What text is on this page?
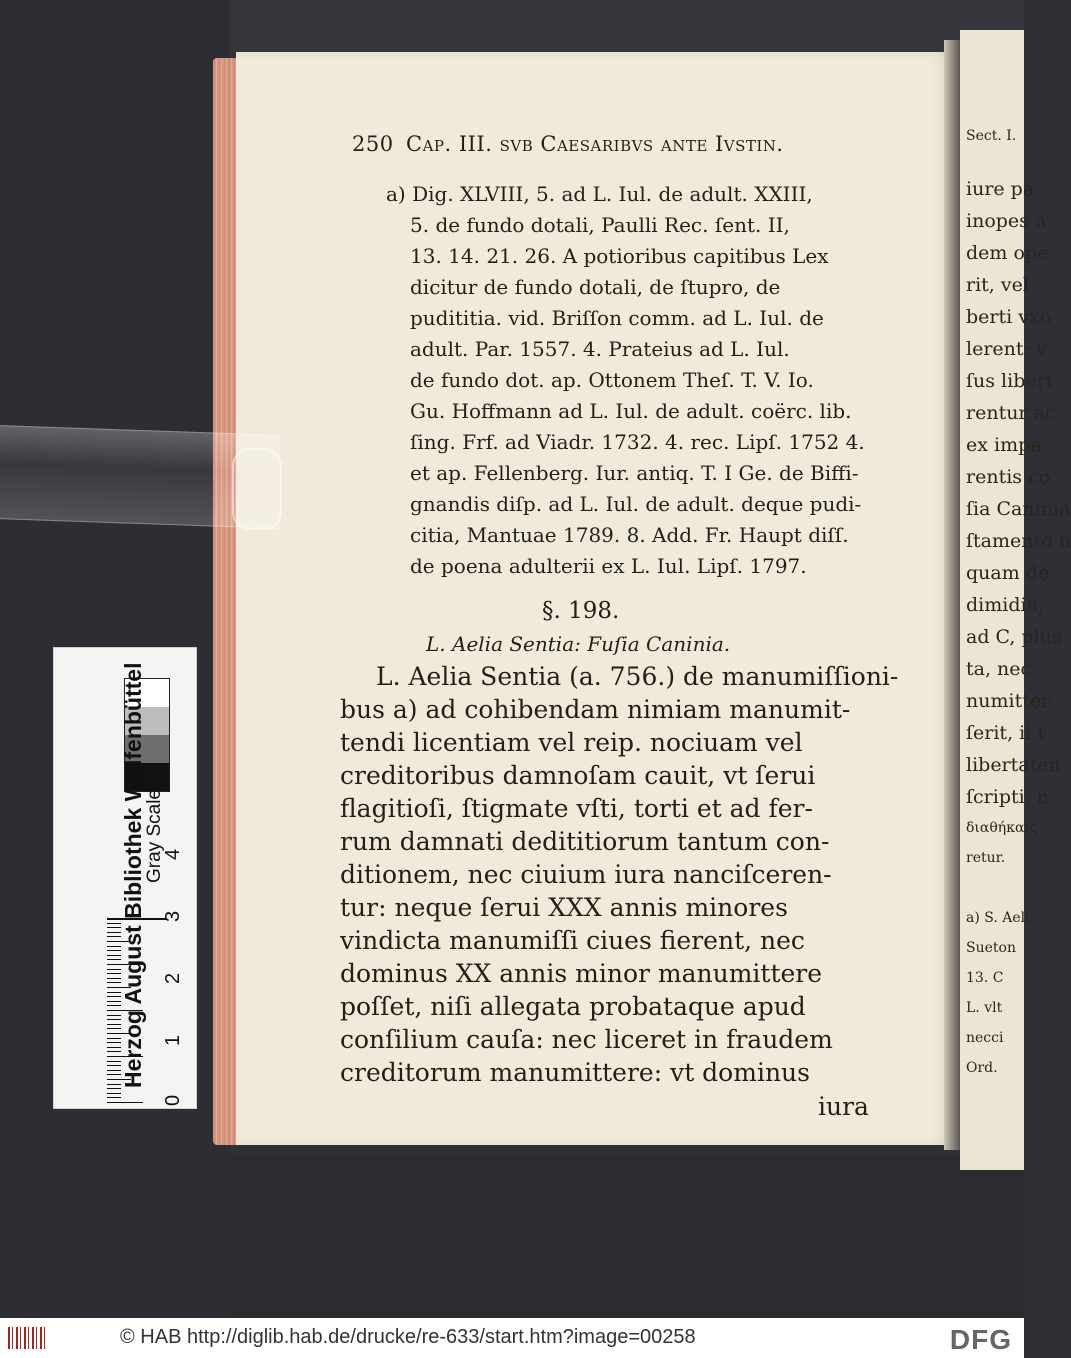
250 Cap. III. svb Caesaribvs ante Ivstin.
a) Dig. XLVIII, 5. ad L. Iul. de adult. XXIII,
5. de fundo dotali, Paulli Rec. ſent. II,
13. 14. 21. 26. A potioribus capitibus Lex
dicitur de fundo dotali, de ſtupro, de
pudititia. vid. Briſſon comm. ad L. Iul. de
adult. Par. 1557. 4. Prateius ad L. Iul.
de fundo dot. ap. Ottonem Theſ. T. V. Io.
Gu. Hoffmann ad L. Iul. de adult. coërc. lib.
ſing. Frf. ad Viadr. 1732. 4. rec. Lipſ. 1752 4.
et ap. Fellenberg. Iur. antiq. T. I Ge. de Biffi-
gnandis diſp. ad L. Iul. de adult. deque pudi-
citia, Mantuae 1789. 8. Add. Fr. Haupt diſſ.
de poena adulterii ex L. Iul. Lipſ. 1797.
§. 198.
L. Aelia Sentia: Fuſia Caninia.
L. Aelia Sentia (a. 756.) de manumiſſioni-
bus a) ad cohibendam nimiam manumit-
tendi licentiam vel reip. nociuam vel
creditoribus damnoſam cauit, vt ſerui
flagitioſi, ſtigmate vſti, torti et ad fer-
rum damnati dedititiorum tantum con-
ditionem, nec ciuium iura nanciſceren-
tur: neque ſerui XXX annis minores
vindicta manumiſſi ciues fierent, nec
dominus XX annis minor manumittere
poſſet, niſi allegata probataque apud
conſilium cauſa: nec liceret in fraudem
creditorum manumittere: vt dominus
iura
Sect. I.
iure pa
inopes a
dem ope
rit, vel
berti vxo
lerent: v
ſus libert
rentur ac
ex impa
rentis co
ſia Caninia
ſtamento n
quam de
dimidia,
ad C, plus
ta, nec
numitter
ſerit, ii t
libertaten
ſcripti, n
διαθήκαις
retur.
a) S. Aeli
Sueton
13. C
L. vlt
necci
Ord.
Gray Scale
0
1
2
3
4
Herzog August Bibliothek Wolfenbüttel
© HAB http://diglib.hab.de/drucke/re-633/start.htm?image=00258	DFG
